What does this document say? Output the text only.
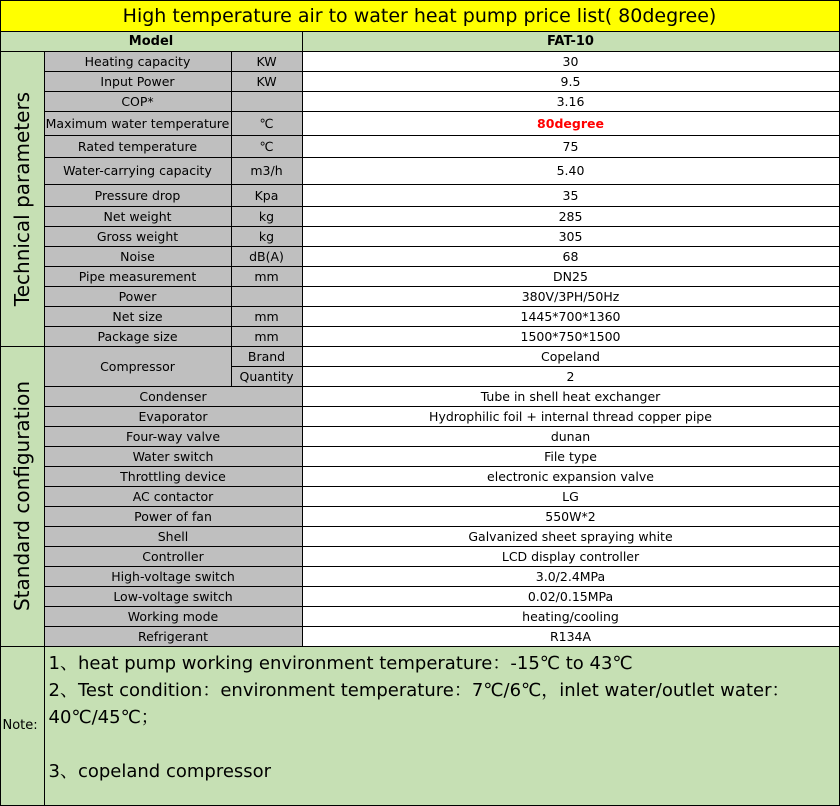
High temperature air to water heat pump price list( 80degree)
Model	FAT-10
Technical parameters
Heating capacity	KW	30
Input Power	KW	9.5
COP*	3.16
Maximum water temperature	℃	80degree
Rated temperature	℃	75
Water-carrying capacity	m3/h	5.40
Pressure drop	Kpa	35
Net weight	kg	285
Gross weight	kg	305
Noise	dB(A)	68
Pipe measurement	mm	DN25
Power	380V/3PH/50Hz
Net size	mm	1445*700*1360
Package size	mm	1500*750*1500
Standard configuration
Compressor
Brand	Copeland
Quantity	2
Condenser	Tube in shell heat exchanger
Evaporator	Hydrophilic foil + internal thread copper pipe
Four-way valve	dunan
Water switch	File type
Throttling device	electronic expansion valve
AC contactor	LG
Power of fan	550W*2
Shell	Galvanized sheet spraying white
Controller	LCD display controller
High-voltage switch	3.0/2.4MPa
Low-voltage switch	0.02/0.15MPa
Working mode	heating/cooling
Refrigerant	R134A
Note:

1、heat pump working environment temperature：-15℃ to 43℃

2、Test condition：environment temperature：7℃/6℃，inlet water/outlet water：40℃/45℃；

3、copeland compressor
